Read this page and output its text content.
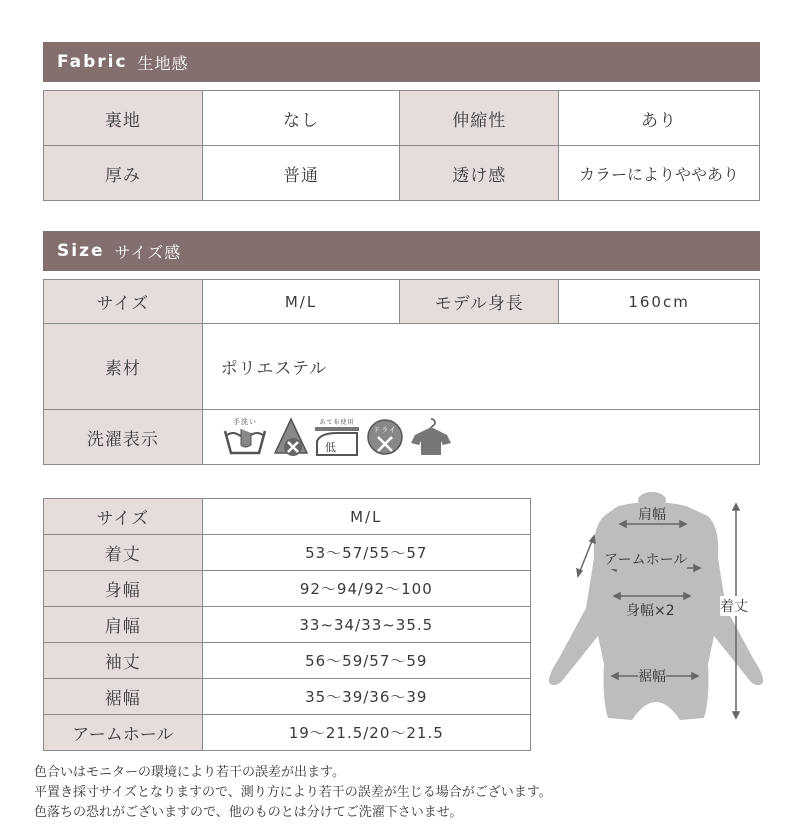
Fabric 生地感
裏地	なし	伸縮性	あり
厚み	普通	透け感	カラーによりややあり
Size サイズ感
サイズ	M/L	モデル身長	160cm
素材	ポリエステル		
洗濯表示	手洗い あて布使用
低
ドライ		
サイズ	M/L
着丈	53〜57/55〜57
身幅	92〜94/92〜100
肩幅	33~34/33~35.5
袖丈	56〜59/57〜59
裾幅	35〜39/36〜39
アームホール	19〜21.5/20〜21.5
肩幅
アームホール
身幅×2
裾幅
着丈
色合いはモニターの環境により若干の誤差が出ます。
平置き採寸サイズとなりますので、測り方により若干の誤差が生じる場合がございます。
色落ちの恐れがございますので、他のものとは分けてご洗濯下さいませ。
